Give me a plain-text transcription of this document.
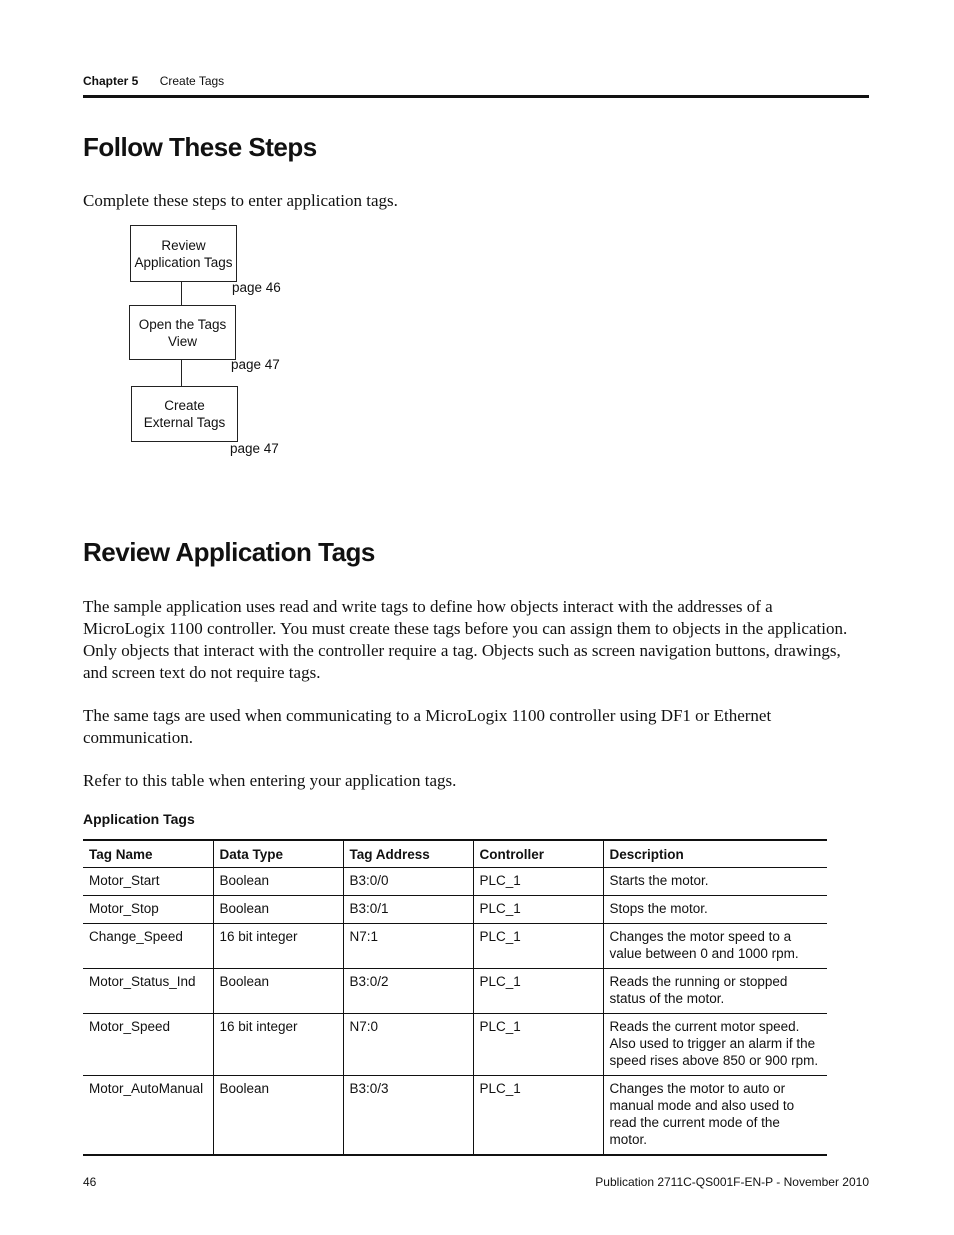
Chapter 5 Create Tags
Follow These Steps

Complete these steps to enter application tags.

Review
Application Tags
page 46
Open the Tags
View
page 47
Create
External Tags
page 47
Review Application Tags

The sample application uses read and write tags to define how objects interact with the addresses of a MicroLogix 1100 controller. You must create these tags before you can assign them to objects in the application. Only objects that interact with the controller require a tag. Objects such as screen navigation buttons, drawings, and screen text do not require tags.

The same tags are used when communicating to a MicroLogix 1100 controller using DF1 or Ethernet communication.

Refer to this table when entering your application tags.

Application Tags
Tag Name	Data Type	Tag Address	Controller	Description
Motor_Start	Boolean	B3:0/0	PLC_1	Starts the motor.
Motor_Stop	Boolean	B3:0/1	PLC_1	Stops the motor.
Change_Speed	16 bit integer	N7:1	PLC_1	Changes the motor speed to a value between 0 and 1000 rpm.
Motor_Status_Ind	Boolean	B3:0/2	PLC_1	Reads the running or stopped status of the motor.
Motor_Speed	16 bit integer	N7:0	PLC_1	Reads the current motor speed. Also used to trigger an alarm if the speed rises above 850 or 900 rpm.
Motor_AutoManual	Boolean	B3:0/3	PLC_1	Changes the motor to auto or manual mode and also used to read the current mode of the motor.
46	Publication 2711C-QS001F-EN-P - November 2010
